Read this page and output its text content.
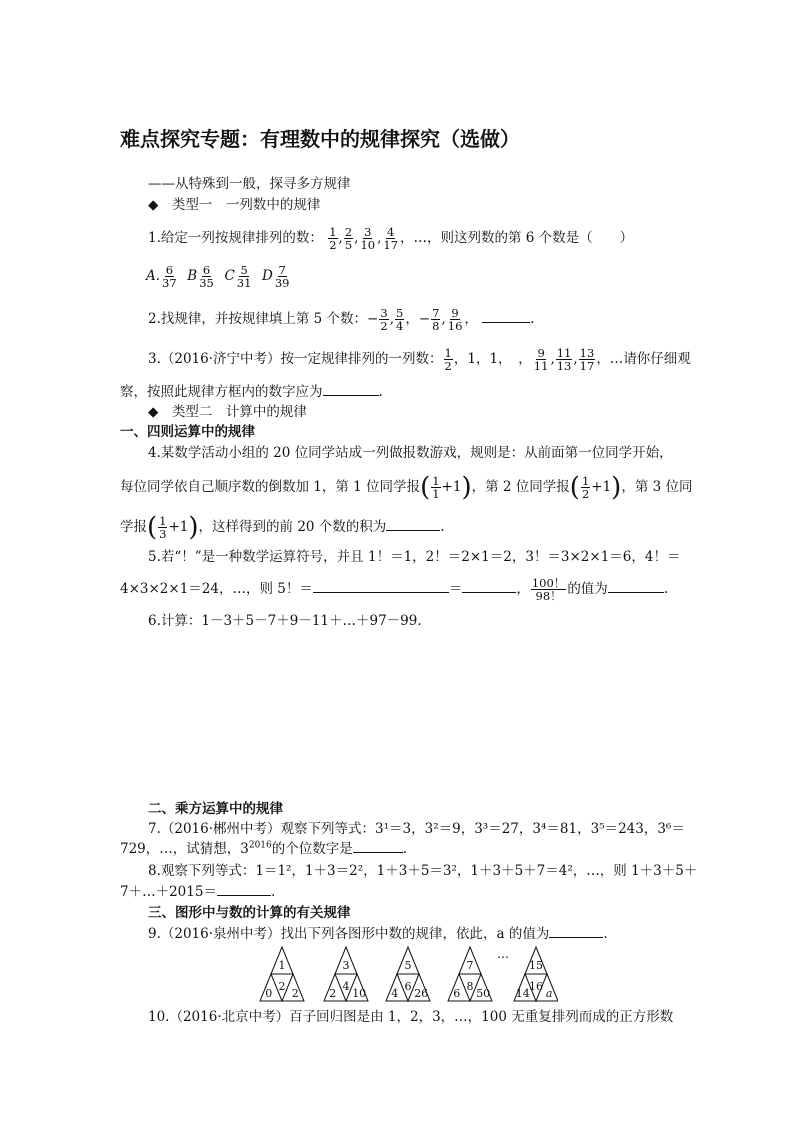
难点探究专题：有理数中的规律探究（选做）
——从特殊到一般，探寻多方规律
◆　类型一　一列数中的规律
1.给定一列按规律排列的数： $\frac{1}{2}$ , $\frac{2}{5}$ , $\frac{3}{10}$ , $\frac{4}{17}$ ，…，则这列数的第 6 个数是（　　）
A. $\frac{6}{37}$ B $\frac{6}{35}$ C $\frac{5}{31}$ D $\frac{7}{39}$
2.找规律，并按规律填上第 5 个数：− $\frac{3}{2}$ , $\frac{5}{4}$ ，− $\frac{7}{8}$ , $\frac{9}{16}$ ，	.
3.（2016·济宁中考）按一定规律排列的一列数： $\frac{1}{2}$ ，1，1，　， $\frac{9}{11}$ , $\frac{11}{13}$ , $\frac{13}{17}$ ，…请你仔细观
察，按照此规律方框内的数字应为	.
◆　类型二　计算中的规律
一、四则运算中的规律
4.某数学活动小组的 20 位同学站成一列做报数游戏，规则是：从前面第一位同学开始，
每位同学依自己顺序数的倒数加 1，第 1 位同学报( $\frac{1}{1} +1$)，第 2 位同学报( $\frac{1}{2} +1$)，第 3 位同
学报( $\frac{1}{3} +1$)，这样得到的前 20 个数的积为	.
5.若“！”是一种数学运算符号，并且 1！＝1，2！＝2×1＝2，3！＝3×2×1＝6，4！＝
4×3×2×1＝24，…，则 5！＝	＝	， $\frac{100!}{98!}$ 的值为	.
6.计算：1－3＋5－7＋9－11＋…＋97－99.
二、乘方运算中的规律
7.（2016·郴州中考）观察下列等式：3¹＝3，3²＝9，3³＝27，3⁴＝81，3⁵＝243，3⁶＝
729，…，试猜想，$3^{2016}$的个位数字是	.
8.观察下列等式：1＝1²，1＋3＝2²，1＋3＋5＝3²，1＋3＋5＋7＝4²，…，则 1＋3＋5＋
7＋…＋2015＝	.
三、图形中与数的计算的有关规律
9.（2016·泉州中考）找出下列各图形中数的规律，依此，a 的值为	.
1
0
2
2
3
2
4
10
5
4
6
26
7
6
8
50
15
14
16
a
…
10.（2016·北京中考）百子回归图是由 1，2，3，…，100 无重复排列而成的正方形数
